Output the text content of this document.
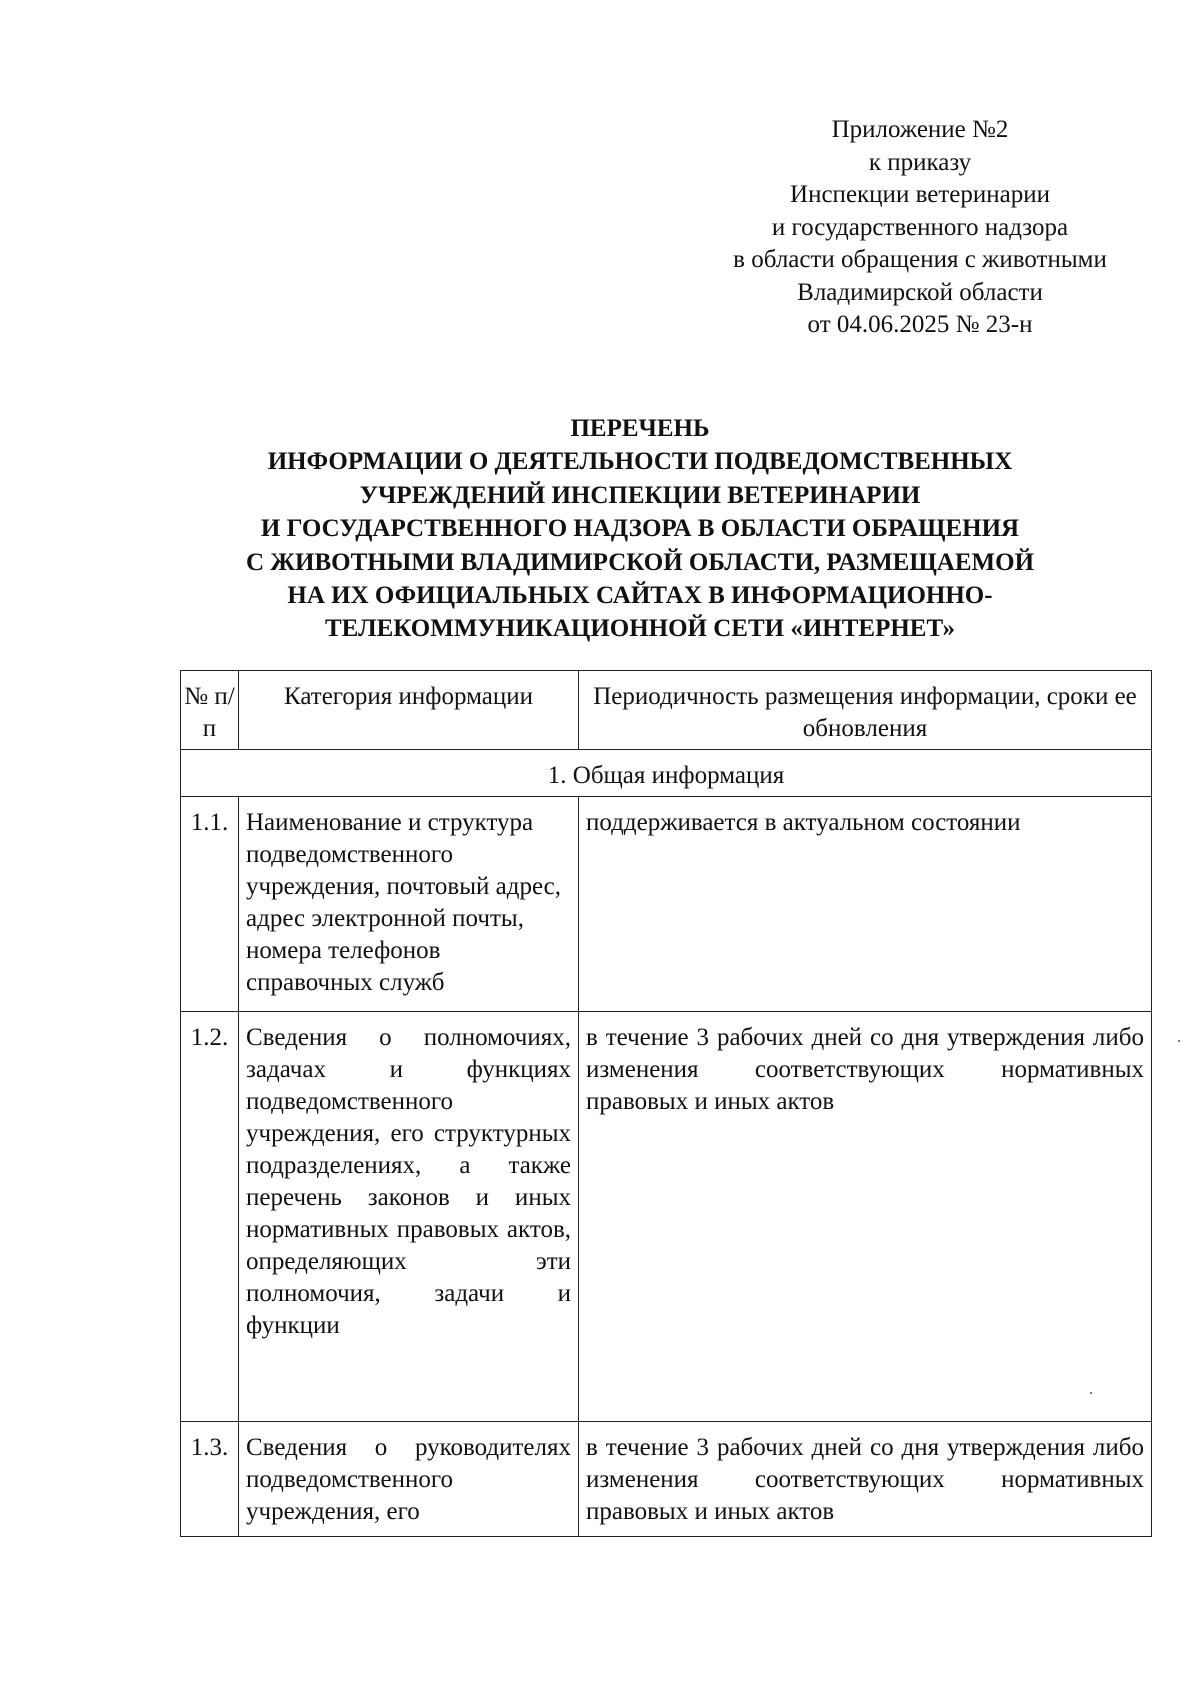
Приложение №2
к приказу
Инспекции ветеринарии
и государственного надзора
в области обращения с животными
Владимирской области
от 04.06.2025 № 23-н
ПЕРЕЧЕНЬ
ИНФОРМАЦИИ О ДЕЯТЕЛЬНОСТИ ПОДВЕДОМСТВЕННЫХ
УЧРЕЖДЕНИЙ ИНСПЕКЦИИ ВЕТЕРИНАРИИ
И ГОСУДАРСТВЕННОГО НАДЗОРА В ОБЛАСТИ ОБРАЩЕНИЯ
С ЖИВОТНЫМИ ВЛАДИМИРСКОЙ ОБЛАСТИ, РАЗМЕЩАЕМОЙ
НА ИХ ОФИЦИАЛЬНЫХ САЙТАХ В ИНФОРМАЦИОННО-
ТЕЛЕКОММУНИКАЦИОННОЙ СЕТИ «ИНТЕРНЕТ»
№ п/п	Категория информации	Периодичность размещения информации, сроки ее обновления
1. Общая информация		
1.1.	Наименование и структура подведомственного учреждения, почтовый адрес, адрес электронной почты, номера телефонов справочных служб	поддерживается в актуальном состоянии
1.2.	Сведения о полномочиях, задачах и функциях подведомственного учреждения, его структурных подразделениях, а также перечень законов и иных нормативных правовых актов, определяющих эти полномочия, задачи и функции	в течение 3 рабочих дней со дня утверждения либо изменения соответствующих нормативных правовых и иных актов
1.3.	Сведения о руководителях подведомственного учреждения, его	в течение 3 рабочих дней со дня утверждения либо изменения соответствующих нормативных правовых и иных актов
